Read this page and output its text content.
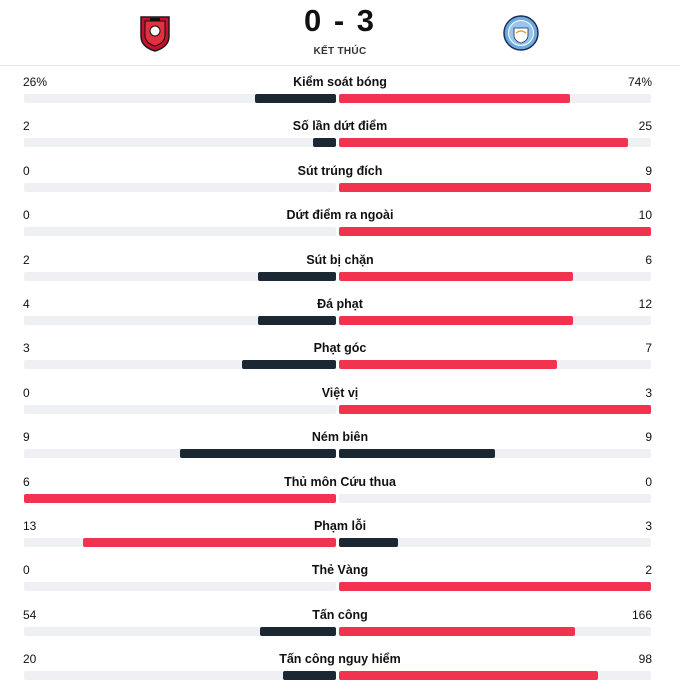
0 - 3
KẾT THÚC
26%	Kiểm soát bóng	74%
2	Số lần dứt điểm	25
0	Sút trúng đích	9
0	Dứt điểm ra ngoài	10
2	Sút bị chặn	6
4	Đá phạt	12
3	Phạt góc	7
0	Việt vị	3
9	Ném biên	9
6	Thủ môn Cứu thua	0
13	Phạm lỗi	3
0	Thẻ Vàng	2
54	Tấn công	166
20	Tấn công nguy hiểm	98
